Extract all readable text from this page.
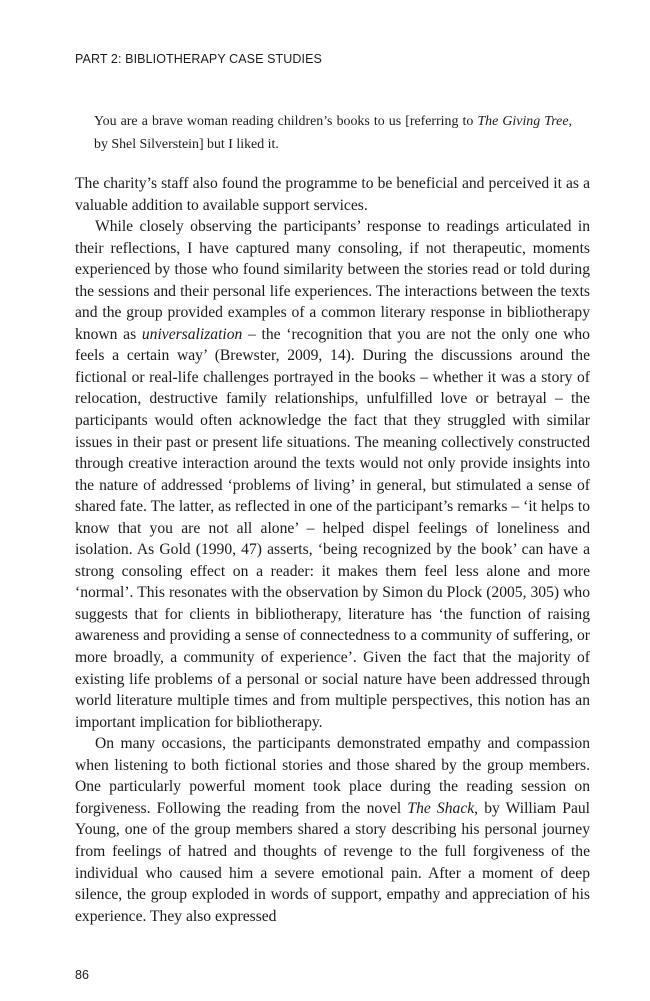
PART 2: BIBLIOTHERAPY CASE STUDIES

You are a brave woman reading children’s books to us [referring to The Giving Tree, by Shel Silverstein] but I liked it.

The charity’s staff also found the programme to be beneficial and perceived it as a valuable addition to available support services.

While closely observing the participants’ response to readings articulated in their reflections, I have captured many consoling, if not therapeutic, moments experienced by those who found similarity between the stories read or told during the sessions and their personal life experiences. The interactions between the texts and the group provided examples of a common literary response in bibliotherapy known as universalization – the ‘recognition that you are not the only one who feels a certain way’ (Brewster, 2009, 14). During the discussions around the fictional or real-life challenges portrayed in the books – whether it was a story of relocation, destructive family relationships, unfulfilled love or betrayal – the participants would often acknowledge the fact that they struggled with similar issues in their past or present life situations. The meaning collectively constructed through creative interaction around the texts would not only provide insights into the nature of addressed ‘problems of living’ in general, but stimulated a sense of shared fate. The latter, as reflected in one of the participant’s remarks – ‘it helps to know that you are not all alone’ – helped dispel feelings of loneliness and isolation. As Gold (1990, 47) asserts, ‘being recognized by the book’ can have a strong consoling effect on a reader: it makes them feel less alone and more ‘normal’. This resonates with the observation by Simon du Plock (2005, 305) who suggests that for clients in bibliotherapy, literature has ‘the function of raising awareness and providing a sense of connectedness to a community of suffering, or more broadly, a community of experience’. Given the fact that the majority of existing life problems of a personal or social nature have been addressed through world literature multiple times and from multiple perspectives, this notion has an important implication for bibliotherapy.

On many occasions, the participants demonstrated empathy and compassion when listening to both fictional stories and those shared by the group members. One particularly powerful moment took place during the reading session on forgiveness. Following the reading from the novel The Shack, by William Paul Young, one of the group members shared a story describing his personal journey from feelings of hatred and thoughts of revenge to the full forgiveness of the individual who caused him a severe emotional pain. After a moment of deep silence, the group exploded in words of support, empathy and appreciation of his experience. They also expressed

86
